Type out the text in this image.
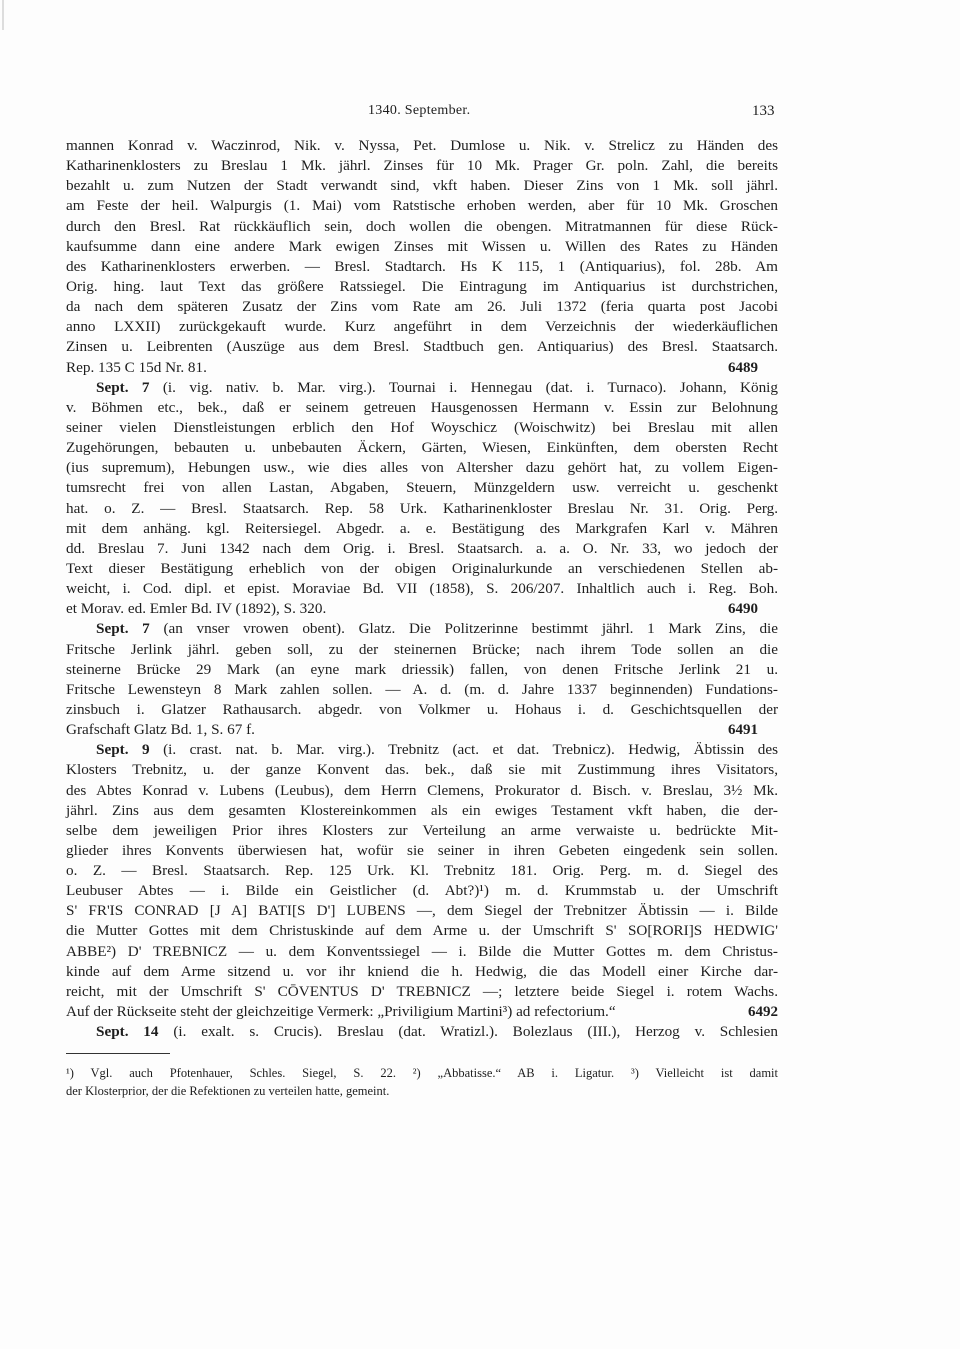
1340. September.	133
mannen Konrad v. Waczinrod, Nik. v. Nyssa, Pet. Dumlose u. Nik. v. Strelicz zu Händen des
Katharinenklosters zu Breslau 1 Mk. jährl. Zinses für 10 Mk. Prager Gr. poln. Zahl, die bereits
bezahlt u. zum Nutzen der Stadt verwandt sind, vkft haben. Dieser Zins von 1 Mk. soll jährl.
am Feste der heil. Walpurgis (1. Mai) vom Ratstische erhoben werden, aber für 10 Mk. Groschen
durch den Bresl. Rat rückkäuflich sein, doch wollen die obengen. Mitratmannen für diese Rück-
kaufsumme dann eine andere Mark ewigen Zinses mit Wissen u. Willen des Rates zu Händen
des Katharinenklosters erwerben. — Bresl. Stadtarch. Hs K 115, 1 (Antiquarius), fol. 28b. Am
Orig. hing. laut Text das größere Ratssiegel. Die Eintragung im Antiquarius ist durchstrichen,
da nach dem späteren Zusatz der Zins vom Rate am 26. Juli 1372 (feria quarta post Jacobi
anno LXXII) zurückgekauft wurde. Kurz angeführt in dem Verzeichnis der wiederkäuflichen
Zinsen u. Leibrenten (Auszüge aus dem Bresl. Stadtbuch gen. Antiquarius) des Bresl. Staatsarch.
Rep. 135 C 15d Nr. 81.	6489
Sept. 7 (i. vig. nativ. b. Mar. virg.). Tournai i. Hennegau (dat. i. Turnaco). Johann, König
v. Böhmen etc., bek., daß er seinem getreuen Hausgenossen Hermann v. Essin zur Belohnung
seiner vielen Dienstleistungen erblich den Hof Woyschicz (Woischwitz) bei Breslau mit allen
Zugehörungen, bebauten u. unbebauten Äckern, Gärten, Wiesen, Einkünften, dem obersten Recht
(ius supremum), Hebungen usw., wie dies alles von Altersher dazu gehört hat, zu vollem Eigen-
tumsrecht frei von allen Lastan, Abgaben, Steuern, Münzgeldern usw. verreicht u. geschenkt
hat. o. Z. — Bresl. Staatsarch. Rep. 58 Urk. Katharinenkloster Breslau Nr. 31. Orig. Perg.
mit dem anhäng. kgl. Reitersiegel. Abgedr. a. e. Bestätigung des Markgrafen Karl v. Mähren
dd. Breslau 7. Juni 1342 nach dem Orig. i. Bresl. Staatsarch. a. a. O. Nr. 33, wo jedoch der
Text dieser Bestätigung erheblich von der obigen Originalurkunde an verschiedenen Stellen ab-
weicht, i. Cod. dipl. et epist. Moraviae Bd. VII (1858), S. 206/207. Inhaltlich auch i. Reg. Boh.
et Morav. ed. Emler Bd. IV (1892), S. 320.	6490
Sept. 7 (an vnser vrowen obent). Glatz. Die Politzerinne bestimmt jährl. 1 Mark Zins, die
Fritsche Jerlink jährl. geben soll, zu der steinernen Brücke; nach ihrem Tode sollen an die
steinerne Brücke 29 Mark (an eyne mark driessik) fallen, von denen Fritsche Jerlink 21 u.
Fritsche Lewensteyn 8 Mark zahlen sollen. — A. d. (m. d. Jahre 1337 beginnenden) Fundations-
zinsbuch i. Glatzer Rathausarch. abgedr. von Volkmer u. Hohaus i. d. Geschichtsquellen der
Grafschaft Glatz Bd. 1, S. 67 f.	6491
Sept. 9 (i. crast. nat. b. Mar. virg.). Trebnitz (act. et dat. Trebnicz). Hedwig, Äbtissin des
Klosters Trebnitz, u. der ganze Konvent das. bek., daß sie mit Zustimmung ihres Visitators,
des Abtes Konrad v. Lubens (Leubus), dem Herrn Clemens, Prokurator d. Bisch. v. Breslau, 3½ Mk.
jährl. Zins aus dem gesamten Klostereinkommen als ein ewiges Testament vkft haben, die der-
selbe dem jeweiligen Prior ihres Klosters zur Verteilung an arme verwaiste u. bedrückte Mit-
glieder ihres Konvents überwiesen hat, wofür sie seiner in ihren Gebeten eingedenk sein sollen.
o. Z. — Bresl. Staatsarch. Rep. 125 Urk. Kl. Trebnitz 181. Orig. Perg. m. d. Siegel des
Leubuser Abtes — i. Bilde ein Geistlicher (d. Abt?)¹) m. d. Krummstab u. der Umschrift
S' FR'IS CONRAD [J A] BATI[S D'] LUBENS —, dem Siegel der Trebnitzer Äbtissin — i. Bilde
die Mutter Gottes mit dem Christuskinde auf dem Arme u. der Umschrift S' SO[RORI]S HEDWIG'
ABBE²) D' TREBNICZ — u. dem Konventssiegel — i. Bilde die Mutter Gottes m. dem Christus-
kinde auf dem Arme sitzend u. vor ihr kniend die h. Hedwig, die das Modell einer Kirche dar-
reicht, mit der Umschrift S' CŌVENTUS D' TREBNICZ —; letztere beide Siegel i. rotem Wachs.
Auf der Rückseite steht der gleichzeitige Vermerk: „Priviligium Martini³) ad refectorium.“	6492
Sept. 14 (i. exalt. s. Crucis). Breslau (dat. Wratizl.). Bolezlaus (III.), Herzog v. Schlesien
¹) Vgl. auch Pfotenhauer, Schles. Siegel, S. 22. ²) „Abbatisse.“ AB i. Ligatur. ³) Vielleicht ist damit
der Klosterprior, der die Refektionen zu verteilen hatte, gemeint.
